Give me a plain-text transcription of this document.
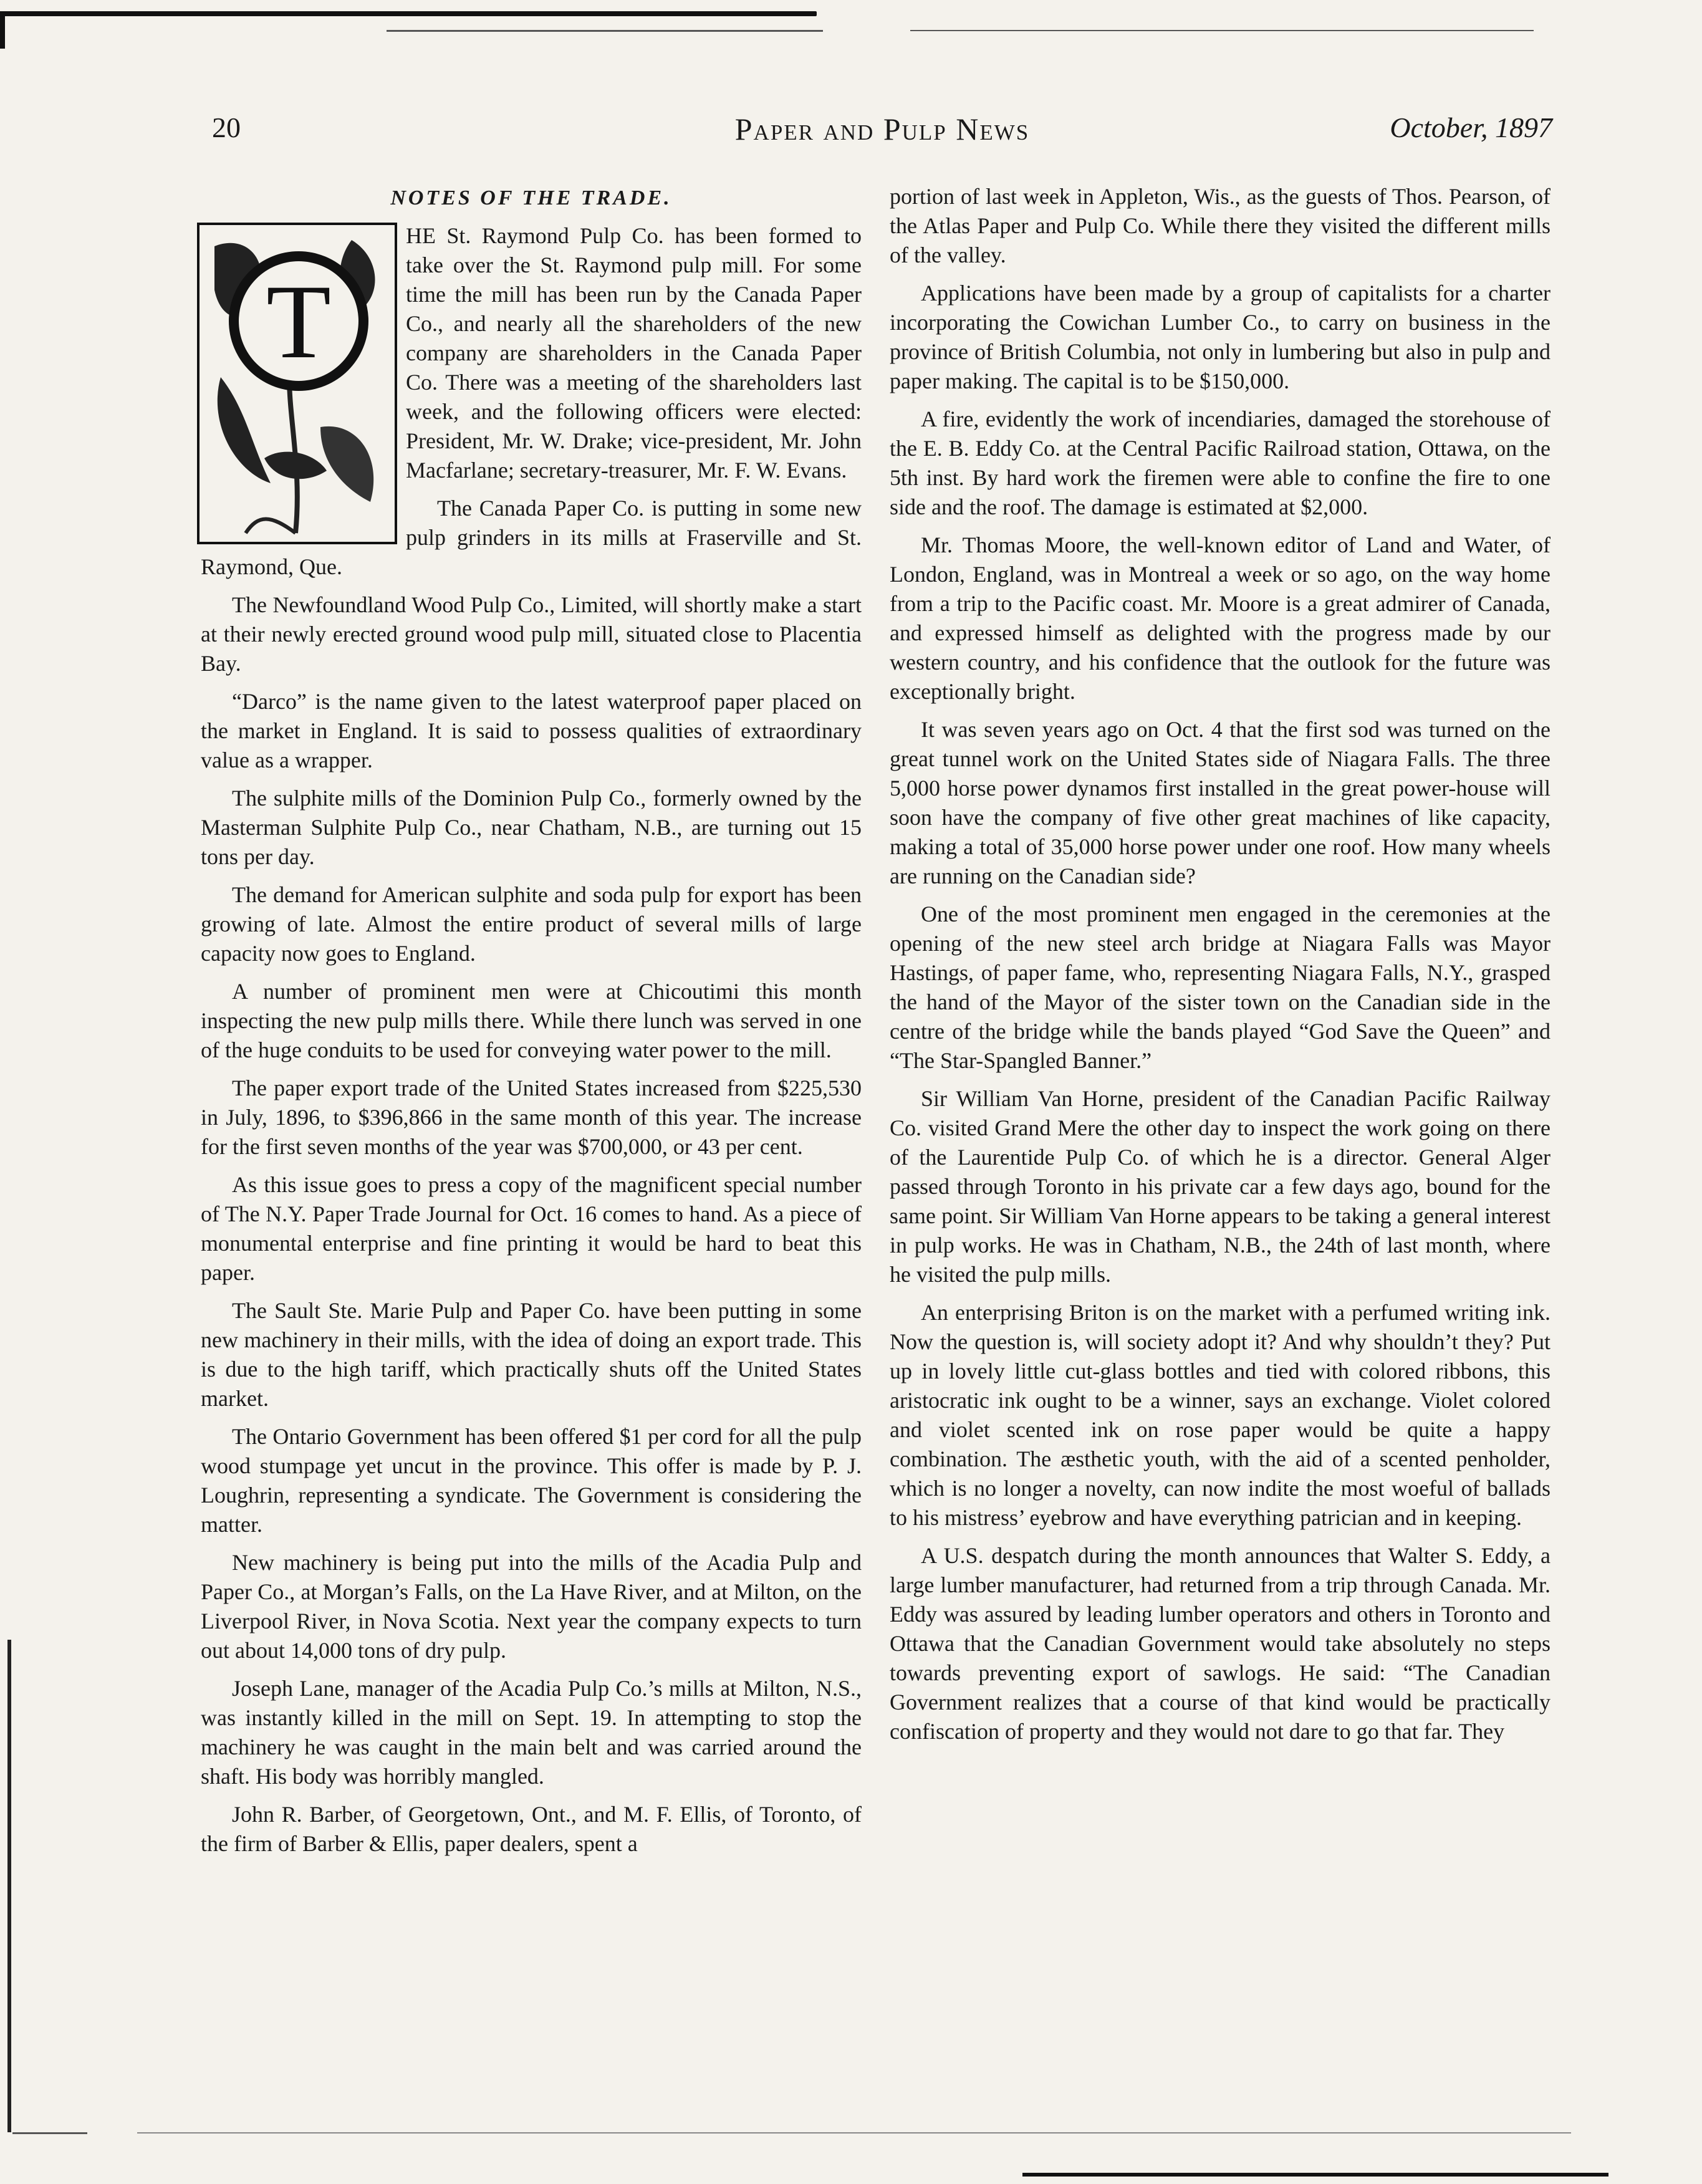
20	Paper and Pulp News	October, 1897
NOTES OF THE TRADE.
T

HE St. Raymond Pulp Co. has been formed to take over the St. Raymond pulp mill. For some time the mill has been run by the Canada Paper Co., and nearly all the shareholders of the new company are shareholders in the Canada Paper Co. There was a meeting of the shareholders last week, and the following officers were elected: President, Mr. W. Drake; vice-president, Mr. John Macfarlane; secretary-treasurer, Mr. F. W. Evans.

The Canada Paper Co. is putting in some new pulp grinders in its mills at Fraserville and St. Raymond, Que.

The Newfoundland Wood Pulp Co., Limited, will shortly make a start at their newly erected ground wood pulp mill, situated close to Placentia Bay.

“Darco” is the name given to the latest waterproof paper placed on the market in England. It is said to possess qualities of extraordinary value as a wrapper.

The sulphite mills of the Dominion Pulp Co., formerly owned by the Masterman Sulphite Pulp Co., near Chatham, N.B., are turning out 15 tons per day.

The demand for American sulphite and soda pulp for export has been growing of late. Almost the entire product of several mills of large capacity now goes to England.

A number of prominent men were at Chicoutimi this month inspecting the new pulp mills there. While there lunch was served in one of the huge conduits to be used for conveying water power to the mill.

The paper export trade of the United States increased from $225,530 in July, 1896, to $396,866 in the same month of this year. The increase for the first seven months of the year was $700,000, or 43 per cent.

As this issue goes to press a copy of the magnificent special number of The N.Y. Paper Trade Journal for Oct. 16 comes to hand. As a piece of monumental enterprise and fine printing it would be hard to beat this paper.

The Sault Ste. Marie Pulp and Paper Co. have been putting in some new machinery in their mills, with the idea of doing an export trade. This is due to the high tariff, which practically shuts off the United States market.

The Ontario Government has been offered $1 per cord for all the pulp wood stumpage yet uncut in the province. This offer is made by P. J. Loughrin, representing a syndicate. The Government is considering the matter.

New machinery is being put into the mills of the Acadia Pulp and Paper Co., at Morgan’s Falls, on the La Have River, and at Milton, on the Liverpool River, in Nova Scotia. Next year the company expects to turn out about 14,000 tons of dry pulp.

Joseph Lane, manager of the Acadia Pulp Co.’s mills at Milton, N.S., was instantly killed in the mill on Sept. 19. In attempting to stop the machinery he was caught in the main belt and was carried around the shaft. His body was horribly mangled.

John R. Barber, of Georgetown, Ont., and M. F. Ellis, of Toronto, of the firm of Barber & Ellis, paper dealers, spent a

portion of last week in Appleton, Wis., as the guests of Thos. Pearson, of the Atlas Paper and Pulp Co. While there they visited the different mills of the valley.

Applications have been made by a group of capitalists for a charter incorporating the Cowichan Lumber Co., to carry on business in the province of British Columbia, not only in lumbering but also in pulp and paper making. The capital is to be $150,000.

A fire, evidently the work of incendiaries, damaged the storehouse of the E. B. Eddy Co. at the Central Pacific Railroad station, Ottawa, on the 5th inst. By hard work the firemen were able to confine the fire to one side and the roof. The damage is estimated at $2,000.

Mr. Thomas Moore, the well-known editor of Land and Water, of London, England, was in Montreal a week or so ago, on the way home from a trip to the Pacific coast. Mr. Moore is a great admirer of Canada, and expressed himself as delighted with the progress made by our western country, and his confidence that the outlook for the future was exceptionally bright.

It was seven years ago on Oct. 4 that the first sod was turned on the great tunnel work on the United States side of Niagara Falls. The three 5,000 horse power dynamos first installed in the great power-house will soon have the company of five other great machines of like capacity, making a total of 35,000 horse power under one roof. How many wheels are running on the Canadian side?

One of the most prominent men engaged in the ceremonies at the opening of the new steel arch bridge at Niagara Falls was Mayor Hastings, of paper fame, who, representing Niagara Falls, N.Y., grasped the hand of the Mayor of the sister town on the Canadian side in the centre of the bridge while the bands played “God Save the Queen” and “The Star-Spangled Banner.”

Sir William Van Horne, president of the Canadian Pacific Railway Co. visited Grand Mere the other day to inspect the work going on there of the Laurentide Pulp Co. of which he is a director. General Alger passed through Toronto in his private car a few days ago, bound for the same point. Sir William Van Horne appears to be taking a general interest in pulp works. He was in Chatham, N.B., the 24th of last month, where he visited the pulp mills.

An enterprising Briton is on the market with a perfumed writing ink. Now the question is, will society adopt it? And why shouldn’t they? Put up in lovely little cut-glass bottles and tied with colored ribbons, this aristocratic ink ought to be a winner, says an exchange. Violet colored and violet scented ink on rose paper would be quite a happy combination. The æsthetic youth, with the aid of a scented penholder, which is no longer a novelty, can now indite the most woeful of ballads to his mistress’ eyebrow and have everything patrician and in keeping.

A U.S. despatch during the month announces that Walter S. Eddy, a large lumber manufacturer, had returned from a trip through Canada. Mr. Eddy was assured by leading lumber operators and others in Toronto and Ottawa that the Canadian Government would take absolutely no steps towards preventing export of sawlogs. He said: “The Canadian Government realizes that a course of that kind would be practically confiscation of property and they would not dare to go that far. They
